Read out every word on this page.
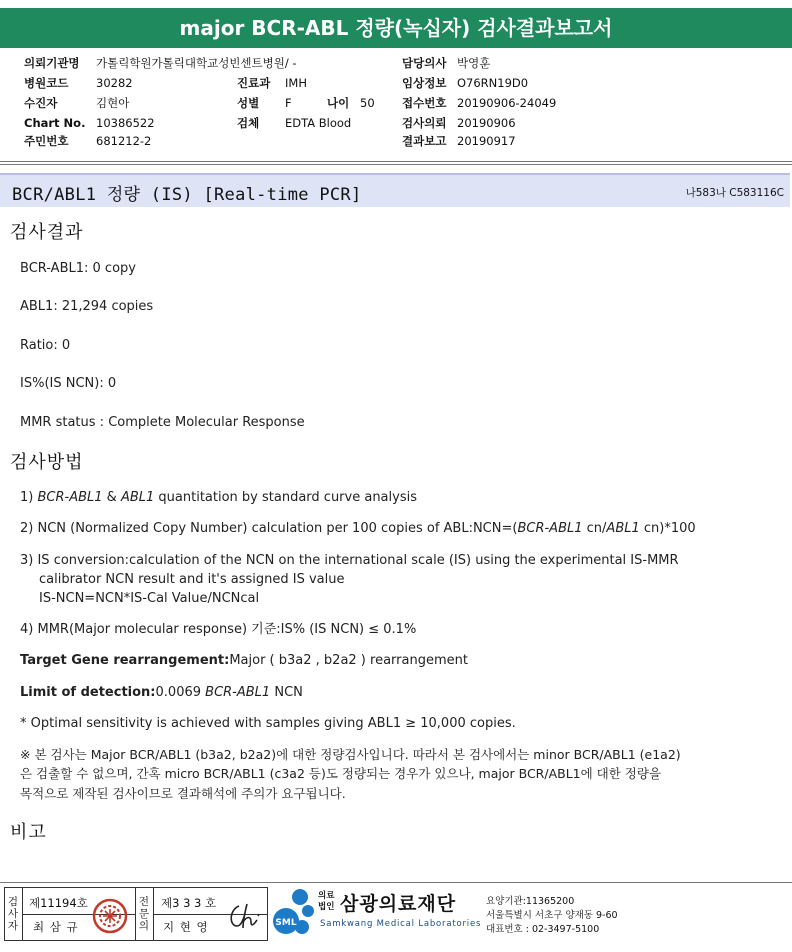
major BCR-ABL 정량(녹십자) 검사결과보고서
의뢰기관명 가톨릭학원가톨릭대학교성빈센트병원/ -
병원코드 30282
수진자	김현아
Chart No. 10386522
주민번호 681212-2
진료과 IMH
성별 F	나이 50
검체 EDTA Blood
담당의사 박영훈
임상정보 O76RN19D0
접수번호 20190906-24049
검사의뢰 20190906
결과보고 20190917
BCR/ABL1 정량 (IS) [Real-time PCR]	나583나 C583116C
검사결과
BCR-ABL1: 0 copy
ABL1: 21,294 copies
Ratio: 0
IS%(IS NCN): 0
MMR status : Complete Molecular Response
검사방법
1) BCR-ABL1 & ABL1 quantitation by standard curve analysis
2) NCN (Normalized Copy Number) calculation per 100 copies of ABL:NCN=(BCR-ABL1 cn/ABL1 cn)*100
3) IS conversion:calculation of the NCN on the international scale (IS) using the experimental IS-MMR
calibrator NCN result and it's assigned IS value
IS-NCN=NCN*IS-Cal Value/NCNcal
4) MMR(Major molecular response) 기준:IS% (IS NCN) ≤ 0.1%
Target Gene rearrangement:Major ( b3a2 , b2a2 ) rearrangement
Limit of detection:0.0069 BCR-ABL1 NCN
* Optimal sensitivity is achieved with samples giving ABL1 ≥ 10,000 copies.
※ 본 검사는 Major BCR/ABL1 (b3a2, b2a2)에 대한 정량검사입니다. 따라서 본 검사에서는 minor BCR/ABL1 (e1a2)
은 검출할 수 없으며, 간혹 micro BCR/ABL1 (c3a2 등)도 정량되는 경우가 있으나, major BCR/ABL1에 대한 정량을
목적으로 제작된 검사이므로 결과해석에 주의가 요구됩니다.
비고
검사자
제11194호
최 삼 규
전문의
제3 3 3 호
지 현 영	SML
의료법인 삼광의료재단
Samkwang Medical Laboratories
요양기관:11365200
서울특별시 서초구 양재동 9-60
대표번호 : 02-3497-5100
